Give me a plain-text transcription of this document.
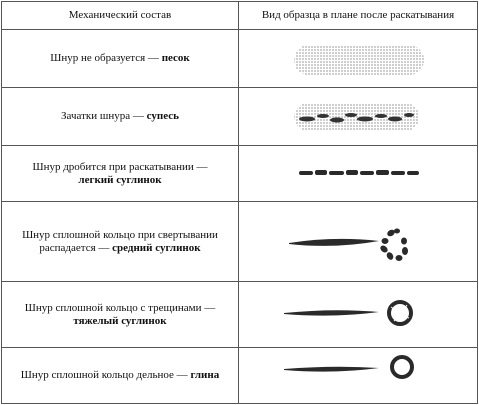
Механический состав	Вид образца в плане после раскатывания
Шнур не образуется — песок	

Зачатки шнура — супесь	

Шнур дробится при раскатывании —
легкий суглинок	

Шнур сплошной кольцо при свертывании распадается — средний суглинок	

Шнур сплошной кольцо с трещинами —
тяжелый суглинок	

Шнур сплошной кольцо дельное — глина	
